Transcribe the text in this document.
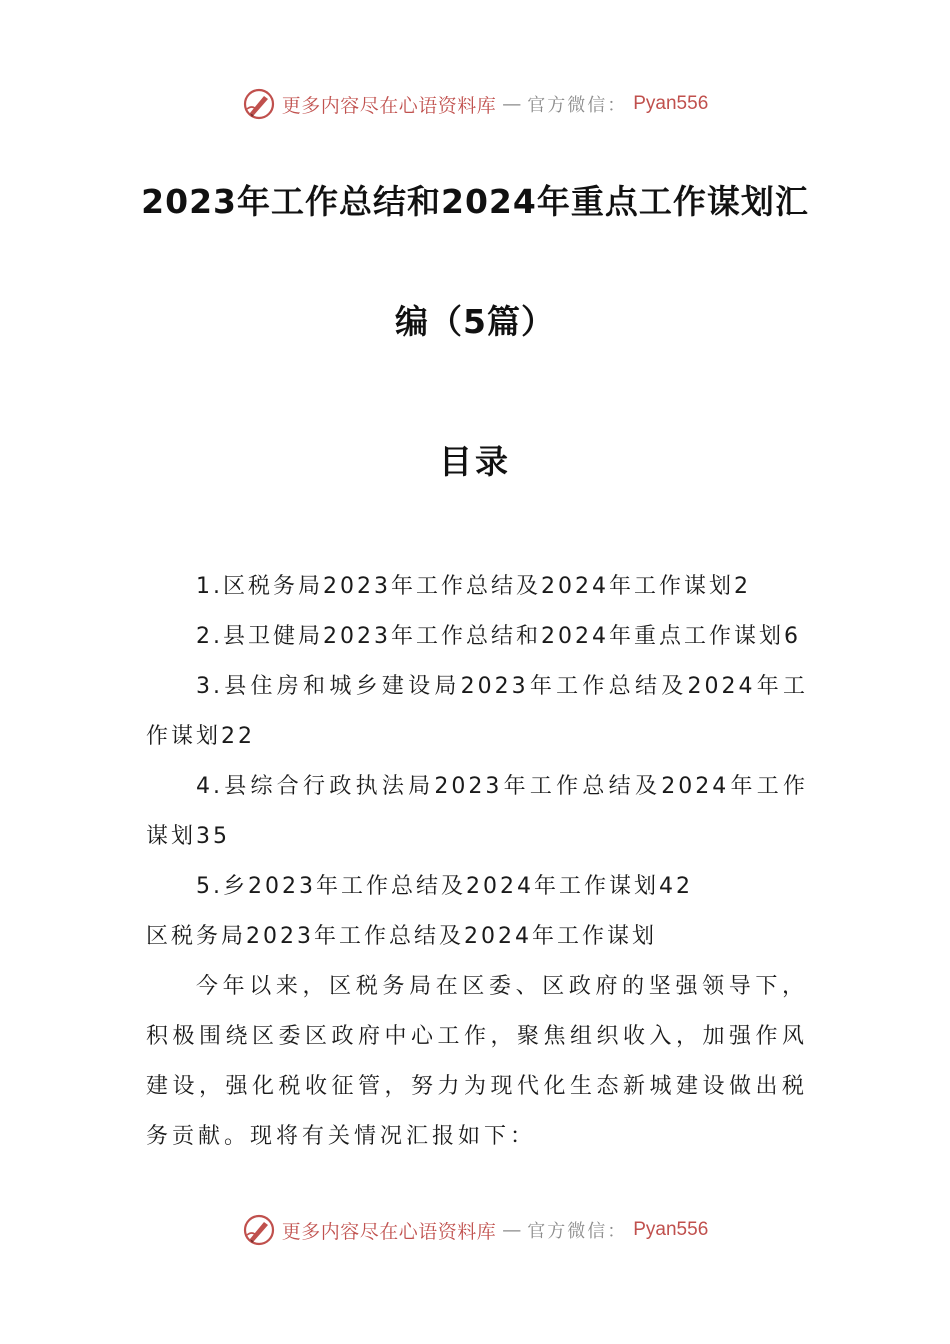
更多内容尽在心语资料库 — 官方微信： Pyan556
2023年工作总结和2024年重点工作谋划汇
编（5篇）
目录
1.区税务局2023年工作总结及2024年工作谋划2
2.县卫健局2023年工作总结和2024年重点工作谋划6
3.县住房和城乡建设局2023年工作总结及2024年工作谋划22
4.县综合行政执法局2023年工作总结及2024年工作谋划35
5.乡2023年工作总结及2024年工作谋划42
区税务局2023年工作总结及2024年工作谋划
今年以来，区税务局在区委、区政府的坚强领导下，积极围绕区委区政府中心工作，聚焦组织收入，加强作风建设，强化税收征管，努力为现代化生态新城建设做出税务贡献。现将有关情况汇报如下：
更多内容尽在心语资料库 — 官方微信： Pyan556
